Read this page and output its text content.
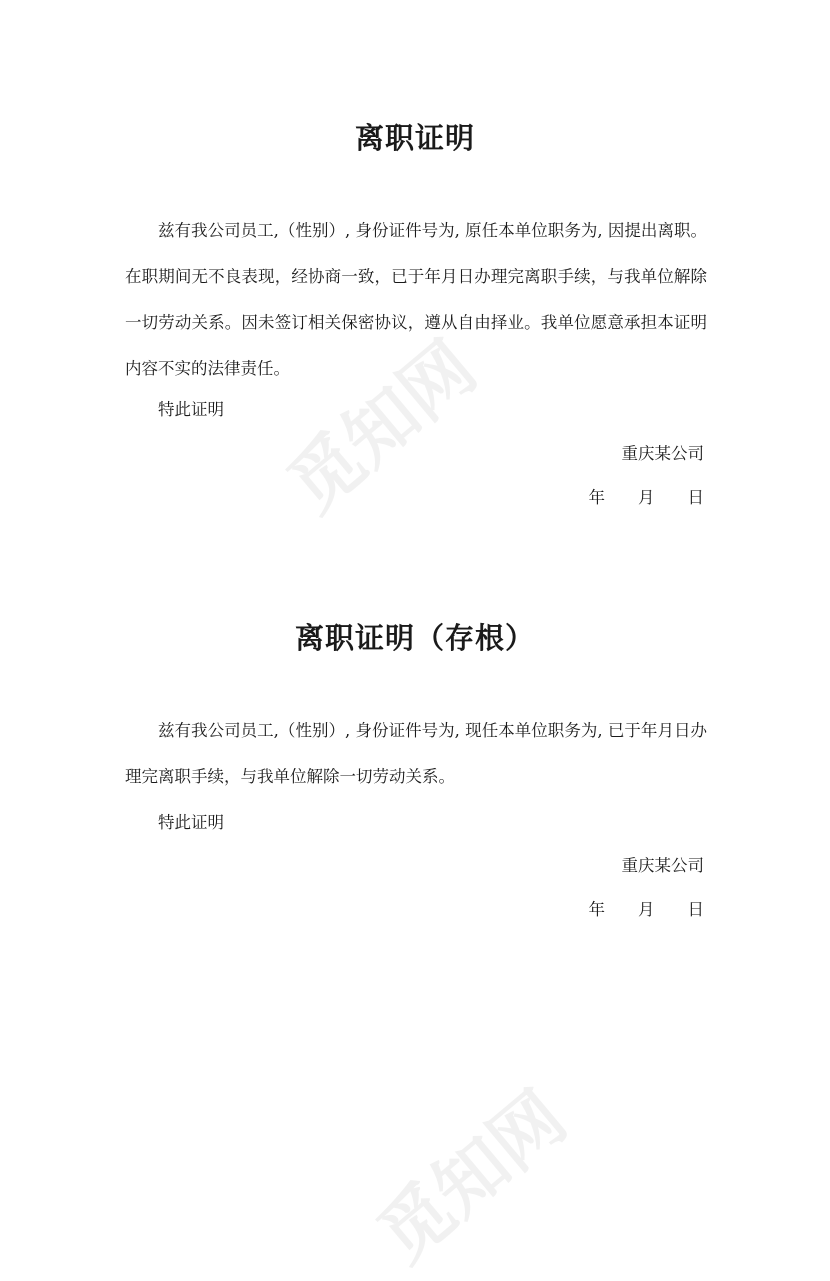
觅知网
觅知网
离职证明

兹有我公司员工,（性别）, 身份证件号为, 原任本单位职务为, 因提出离职。在职期间无不良表现，经协商一致，已于年月日办理完离职手续，与我单位解除一切劳动关系。因未签订相关保密协议，遵从自由择业。我单位愿意承担本证明内容不实的法律责任。

特此证明

重庆某公司

年 月 日
离职证明（存根）

兹有我公司员工,（性别）, 身份证件号为, 现任本单位职务为, 已于年月日办理完离职手续，与我单位解除一切劳动关系。

特此证明

重庆某公司

年 月 日
